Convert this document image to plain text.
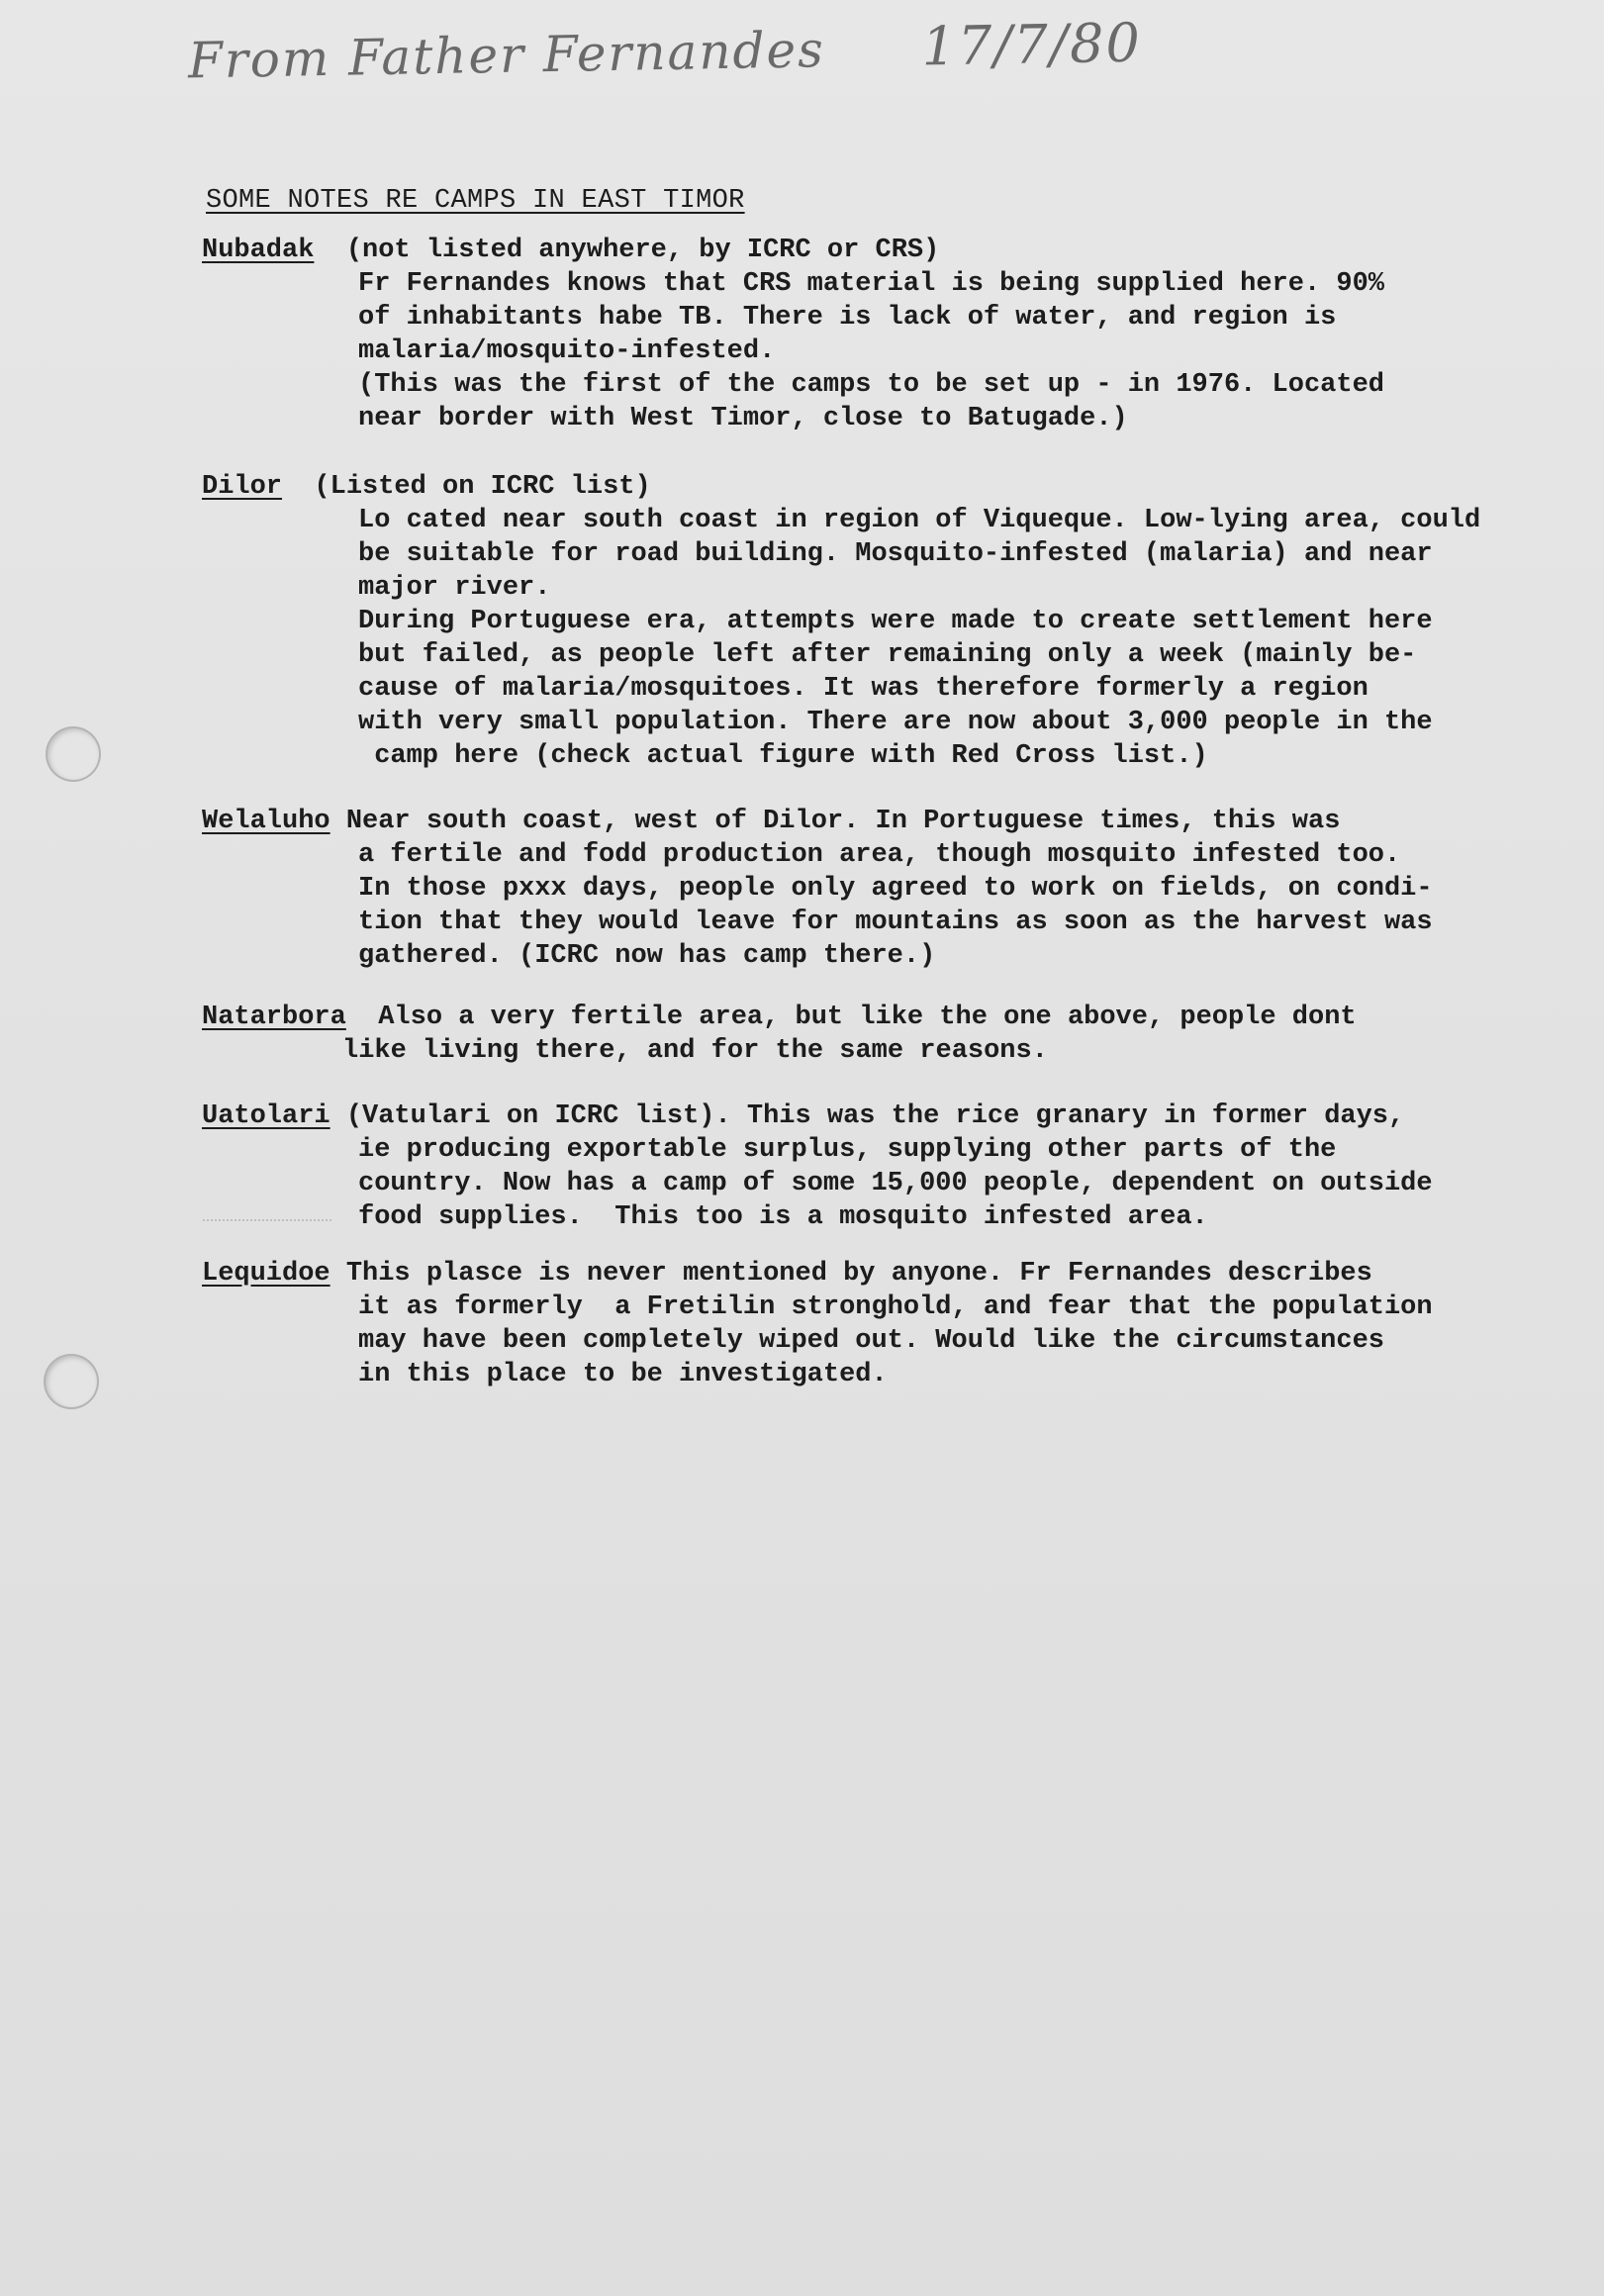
From Father Fernandes 17/7/80
SOME NOTES RE CAMPS IN EAST TIMOR
Nubadak  (not listed anywhere, by ICRC or CRS)
Fr Fernandes knows that CRS material is being supplied here. 90%
of inhabitants habe TB. There is lack of water, and region is
malaria/mosquito-infested.
(This was the first of the camps to be set up - in 1976. Located
near border with West Timor, close to Batugade.)
Dilor  (Listed on ICRC list)
Lo cated near south coast in region of Viqueque. Low-lying area, could
be suitable for road building. Mosquito-infested (malaria) and near
major river.
During Portuguese era, attempts were made to create settlement here
but failed, as people left after remaining only a week (mainly be-
cause of malaria/mosquitoes. It was therefore formerly a region
with very small population. There are now about 3,000 people in the
camp here (check actual figure with Red Cross list.)
Welaluho Near south coast, west of Dilor. In Portuguese times, this was
a fertile and fodd production area, though mosquito infested too.
In those pxxx days, people only agreed to work on fields, on condi-
tion that they would leave for mountains as soon as the harvest was
gathered. (ICRC now has camp there.)
Natarbora  Also a very fertile area, but like the one above, people dont
like living there, and for the same reasons.
Uatolari (Vatulari on ICRC list). This was the rice granary in former days,
ie producing exportable surplus, supplying other parts of the
country. Now has a camp of some 15,000 people, dependent on outside
food supplies.  This too is a mosquito infested area.
Lequidoe This plasce is never mentioned by anyone. Fr Fernandes describes
it as formerly  a Fretilin stronghold, and fear that the population
may have been completely wiped out. Would like the circumstances
in this place to be investigated.
